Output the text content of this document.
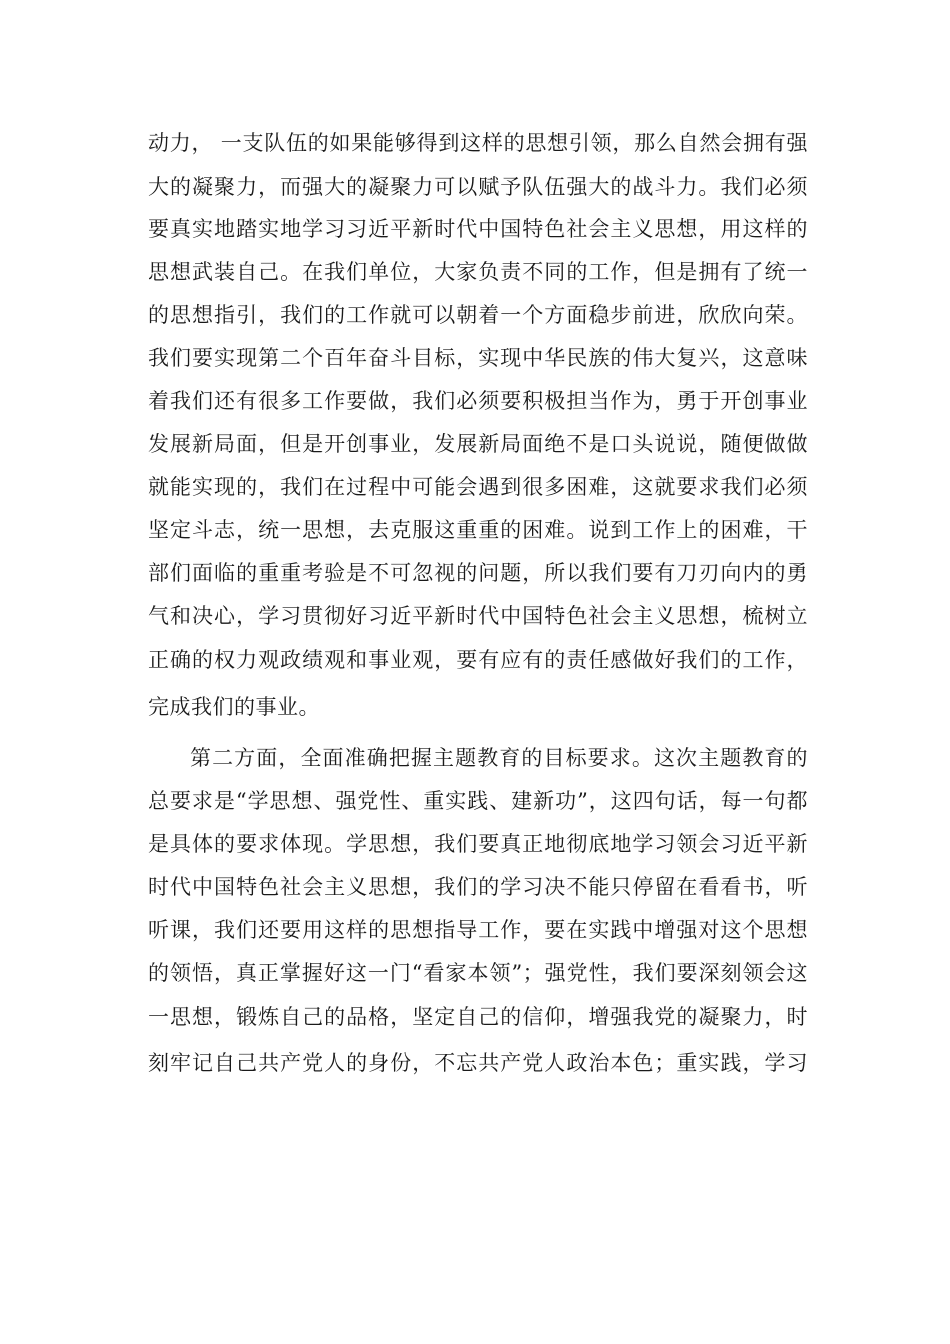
动力， 一支队伍的如果能够得到这样的思想引领，那么自然会拥有强
大的凝聚力，而强大的凝聚力可以赋予队伍强大的战斗力。我们必须
要真实地踏实地学习习近平新时代中国特色社会主义思想，用这样的
思想武装自己。在我们单位，大家负责不同的工作，但是拥有了统一
的思想指引，我们的工作就可以朝着一个方面稳步前进，欣欣向荣。
我们要实现第二个百年奋斗目标，实现中华民族的伟大复兴，这意味
着我们还有很多工作要做，我们必须要积极担当作为，勇于开创事业
发展新局面，但是开创事业，发展新局面绝不是口头说说，随便做做
就能实现的，我们在过程中可能会遇到很多困难，这就要求我们必须
坚定斗志，统一思想，去克服这重重的困难。说到工作上的困难，干
部们面临的重重考验是不可忽视的问题，所以我们要有刀刃向内的勇
气和决心，学习贯彻好习近平新时代中国特色社会主义思想，梳树立
正确的权力观政绩观和事业观，要有应有的责任感做好我们的工作，
完成我们的事业。
第二方面，全面准确把握主题教育的目标要求。这次主题教育的
总要求是“学思想、强党性、重实践、建新功”，这四句话，每一句都
是具体的要求体现。学思想，我们要真正地彻底地学习领会习近平新
时代中国特色社会主义思想，我们的学习决不能只停留在看看书，听
听课，我们还要用这样的思想指导工作，要在实践中增强对这个思想
的领悟，真正掌握好这一门“看家本领”；强党性，我们要深刻领会这
一思想，锻炼自己的品格，坚定自己的信仰，增强我党的凝聚力，时
刻牢记自己共产党人的身份，不忘共产党人政治本色；重实践，学习
